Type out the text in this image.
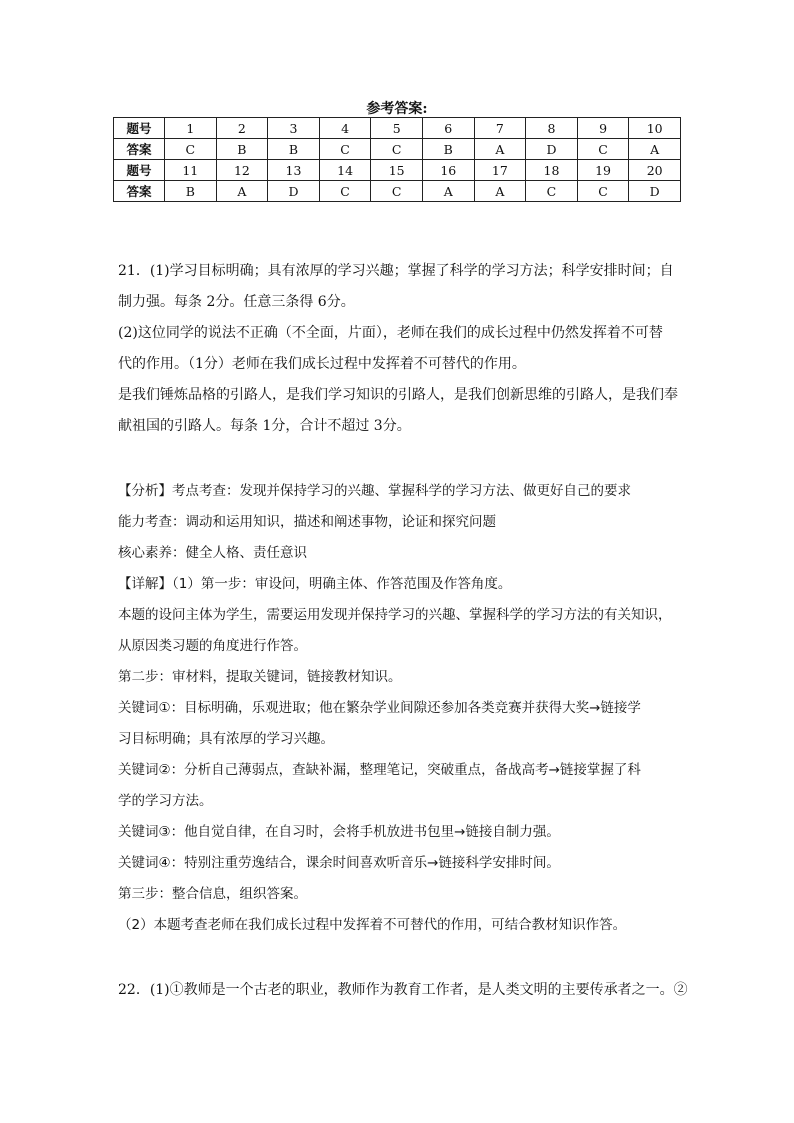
参考答案:
题号	1	2	3	4	5	6	7	8	9	10
答案	C	B	B	C	C	B	A	D	C	A
题号	11	12	13	14	15	16	17	18	19	20
答案	B	A	D	C	C	A	A	C	C	D
21．(1)学习目标明确；具有浓厚的学习兴趣；掌握了科学的学习方法；科学安排时间；自
制力强。每条 2分。任意三条得 6分。
(2)这位同学的说法不正确（不全面，片面），老师在我们的成长过程中仍然发挥着不可替
代的作用。（1分）老师在我们成长过程中发挥着不可替代的作用。
是我们锤炼品格的引路人，是我们学习知识的引路人，是我们创新思维的引路人，是我们奉
献祖国的引路人。每条 1分，合计不超过 3分。
【分析】考点考查：发现并保持学习的兴趣、掌握科学的学习方法、做更好自己的要求
能力考查：调动和运用知识，描述和阐述事物，论证和探究问题
核心素养：健全人格、责任意识
【详解】（1）第一步：审设问，明确主体、作答范围及作答角度。
本题的设问主体为学生，需要运用发现并保持学习的兴趣、掌握科学的学习方法的有关知识，
从原因类习题的角度进行作答。
第二步：审材料，提取关键词，链接教材知识。
关键词①：目标明确，乐观进取；他在繁杂学业间隙还参加各类竞赛并获得大奖→链接学
习目标明确；具有浓厚的学习兴趣。
关键词②：分析自己薄弱点，查缺补漏，整理笔记，突破重点，备战高考→链接掌握了科
学的学习方法。
关键词③：他自觉自律，在自习时，会将手机放进书包里→链接自制力强。
关键词④：特别注重劳逸结合，课余时间喜欢听音乐→链接科学安排时间。
第三步：整合信息，组织答案。
（2）本题考查老师在我们成长过程中发挥着不可替代的作用，可结合教材知识作答。
22．(1)①教师是一个古老的职业，教师作为教育工作者，是人类文明的主要传承者之一。②
